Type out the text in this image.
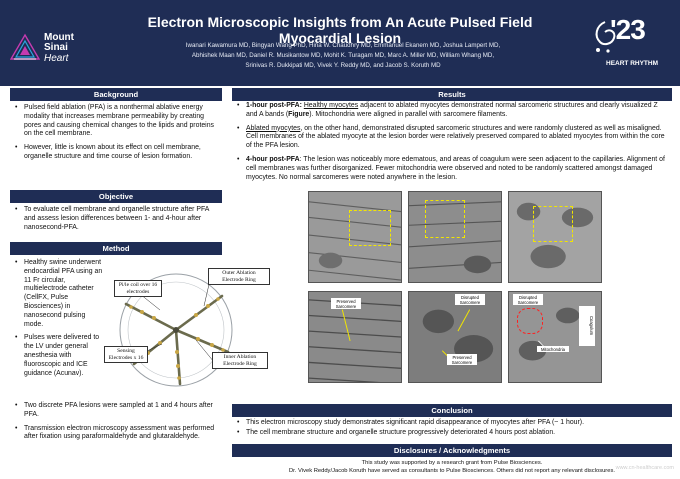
Mount
Sinai
Heart
Electron Microscopic Insights from An Acute Pulsed Field Myocardial Lesion
Iwanari Kawamura MD, Bingyan Wang PhD, Hina W. Chaudhry MD, Emmanuel Ekanem MD, Joshua Lampert MD,
Abhishek Maan MD, Daniel R. Musikantow MD, Mohit K. Turagam MD, Marc A. Miller MD, William Whang MD,
Srinivas R. Dukkipati MD, Vivek Y. Reddy MD, and Jacob S. Koruth MD
'23
HEART RHYTHM
Background
• Pulsed field ablation (PFA) is a nonthermal ablative energy modality that increases membrane permeability by creating pores and causing chemical changes to the lipids and proteins on the cell membrane.
• However, little is known about its effect on cell membrane, organelle structure and time course of lesion formation.
Objective
• To evaluate cell membrane and organelle structure after PFA and assess lesion differences between 1- and 4-hour after nanosecond-PFA.
Method
• Healthy swine underwent endocardial PFA using an 11 Fr circular, multielectrode catheter (CellFX, Pulse Biosciences) in nanosecond pulsing mode.
• Pulses were delivered to the LV under general anesthesia with fluoroscopic and ICE guidance (Acunav).
• Two discrete PFA lesions were sampled at 1 and 4 hours after PFA.
• Transmission electron microscopy assessment was performed after fixation using paraformaldehyde and glutaraldehyde.
Pi/le coil over 16 electrodes
Outer Ablation Electrode Ring
Sensing Electrodes x 16	Inner Ablation Electrode Ring
Results
• 1-hour post-PFA: Healthy myocytes adjacent to ablated myocytes demonstrated normal sarcomeric structures and clearly visualized Z and A bands (Figure). Mitochondria were aligned in parallel with sarcomere filaments.
• Ablated myocytes, on the other hand, demonstrated disrupted sarcomeric structures and were randomly clustered as well as misaligned. Cell membranes of the ablated myocyte at the lesion border were relatively preserved compared to ablated myocytes from within the core of the PFA lesion.
• 4-hour post-PFA: The lesion was noticeably more edematous, and areas of coagulum were seen adjacent to the capillaries. Alignment of cell membranes was further disorganized. Fewer mitochondria were observed and noted to be randomly scattered amongst damaged myocytes. No normal sarcomeres were noted anywhere in the lesion.
Preserved Sarcomere
Disrupted Sarcomere
Preserved Sarcomere
Disrupted Sarcomere
Mitochondria
Coagulum
Conclusion
• This electron microscopy study demonstrates significant rapid disappearance of myocytes after PFA (~ 1 hour).
• The cell membrane structure and organelle structure progressively deteriorated 4 hours post ablation.
Disclosures / Acknowledgments
This study was supported by a research grant from Pulse Biosciences.
Dr. Vivek Reddy/Jacob Koruth have served as consultants to Pulse Biosciences. Others did not report any relevant disclosures. www.cn-healthcare.com
